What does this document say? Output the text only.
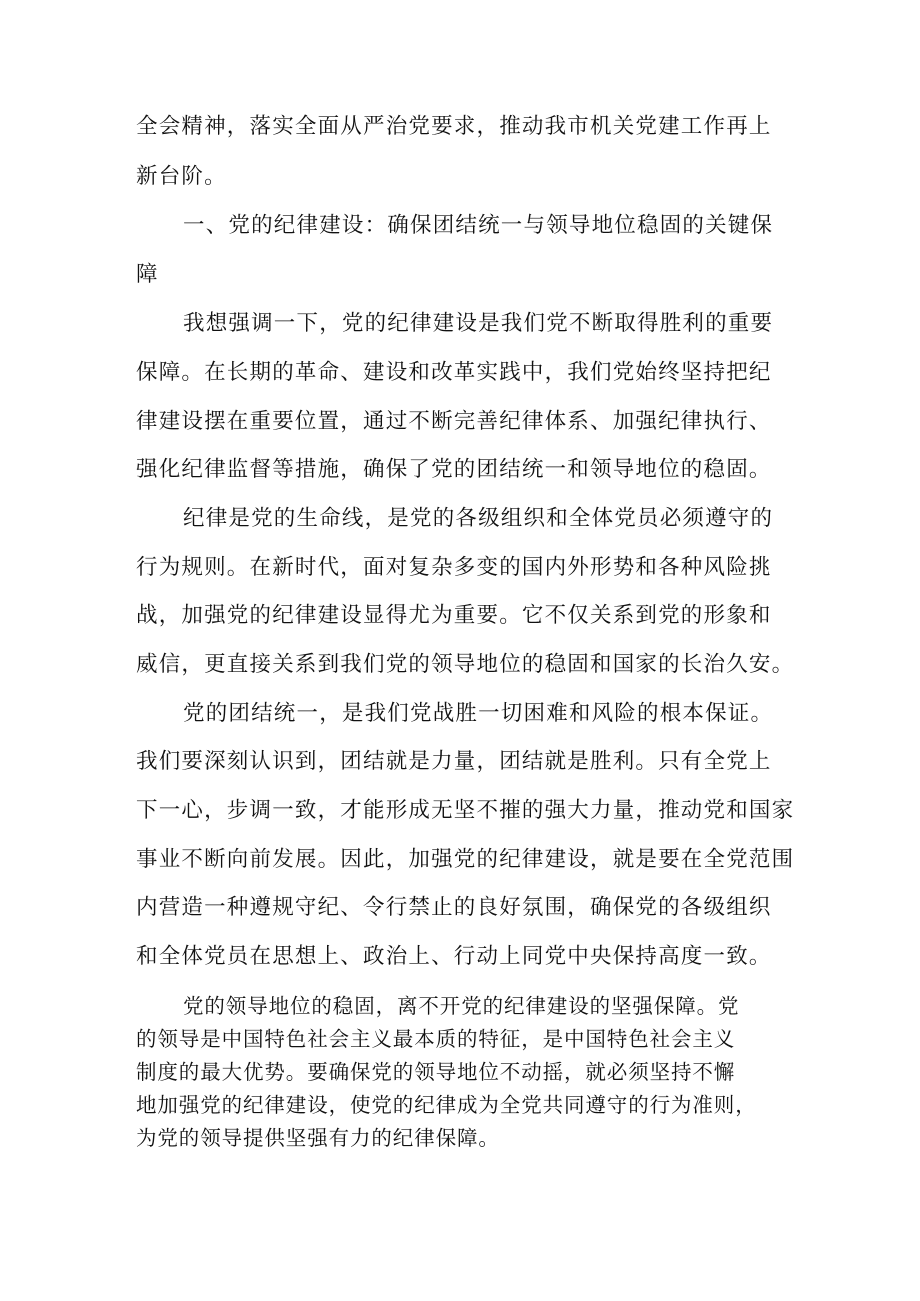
全会精神，落实全面从严治党要求，推动我市机关党建工作再上
新台阶。
一、党的纪律建设：确保团结统一与领导地位稳固的关键保
障
我想强调一下，党的纪律建设是我们党不断取得胜利的重要
保障。在长期的革命、建设和改革实践中，我们党始终坚持把纪
律建设摆在重要位置，通过不断完善纪律体系、加强纪律执行、
强化纪律监督等措施，确保了党的团结统一和领导地位的稳固。
纪律是党的生命线，是党的各级组织和全体党员必须遵守的
行为规则。在新时代，面对复杂多变的国内外形势和各种风险挑
战，加强党的纪律建设显得尤为重要。它不仅关系到党的形象和
威信，更直接关系到我们党的领导地位的稳固和国家的长治久安。
党的团结统一，是我们党战胜一切困难和风险的根本保证。
我们要深刻认识到，团结就是力量，团结就是胜利。只有全党上
下一心，步调一致，才能形成无坚不摧的强大力量，推动党和国家
事业不断向前发展。因此，加强党的纪律建设，就是要在全党范围
内营造一种遵规守纪、令行禁止的良好氛围，确保党的各级组织
和全体党员在思想上、政治上、行动上同党中央保持高度一致。
党的领导地位的稳固，离不开党的纪律建设的坚强保障。党
的领导是中国特色社会主义最本质的特征，是中国特色社会主义
制度的最大优势。要确保党的领导地位不动摇，就必须坚持不懈
地加强党的纪律建设，使党的纪律成为全党共同遵守的行为准则，
为党的领导提供坚强有力的纪律保障。
